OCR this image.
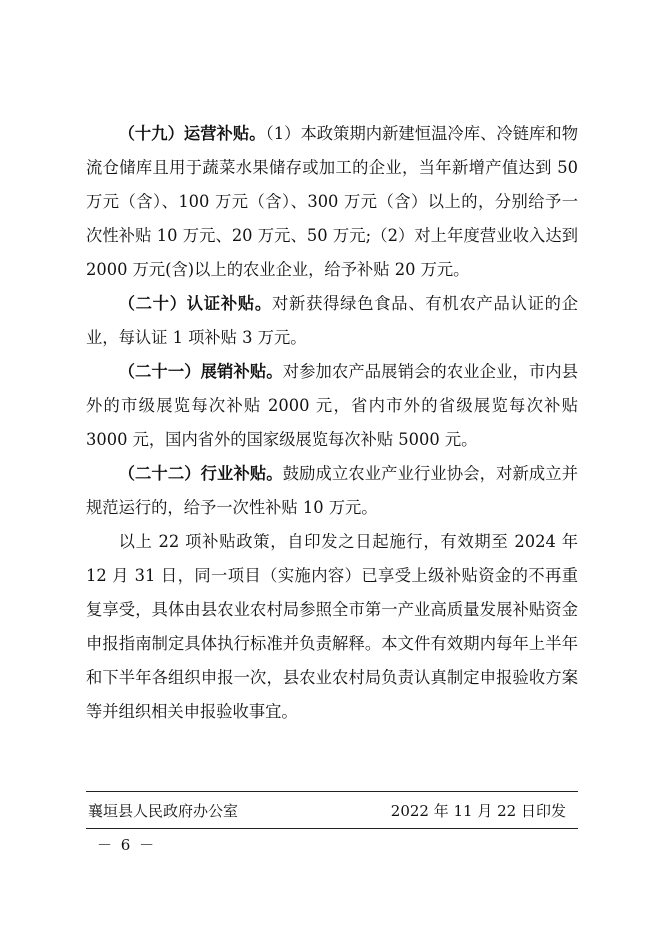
（十九）运营补贴。（1）本政策期内新建恒温冷库、冷链库和物流仓储库且用于蔬菜水果储存或加工的企业，当年新增产值达到 50 万元（含）、100 万元（含）、300 万元（含）以上的，分别给予一次性补贴 10 万元、20 万元、50 万元;（2）对上年度营业收入达到 2000 万元(含)以上的农业企业，给予补贴 20 万元。

（二十）认证补贴。对新获得绿色食品、有机农产品认证的企业，每认证 1 项补贴 3 万元。

（二十一）展销补贴。对参加农产品展销会的农业企业，市内县外的市级展览每次补贴 2000 元，省内市外的省级展览每次补贴 3000 元，国内省外的国家级展览每次补贴 5000 元。

（二十二）行业补贴。鼓励成立农业产业行业协会，对新成立并规范运行的，给予一次性补贴 10 万元。

以上 22 项补贴政策，自印发之日起施行，有效期至 2024 年 12 月 31 日，同一项目（实施内容）已享受上级补贴资金的不再重复享受，具体由县农业农村局参照全市第一产业高质量发展补贴资金申报指南制定具体执行标准并负责解释。本文件有效期内每年上半年和下半年各组织申报一次，县农业农村局负责认真制定申报验收方案等并组织相关申报验收事宜。

襄垣县人民政府办公室	2022 年 11 月 22 日印发
－ 6 －
